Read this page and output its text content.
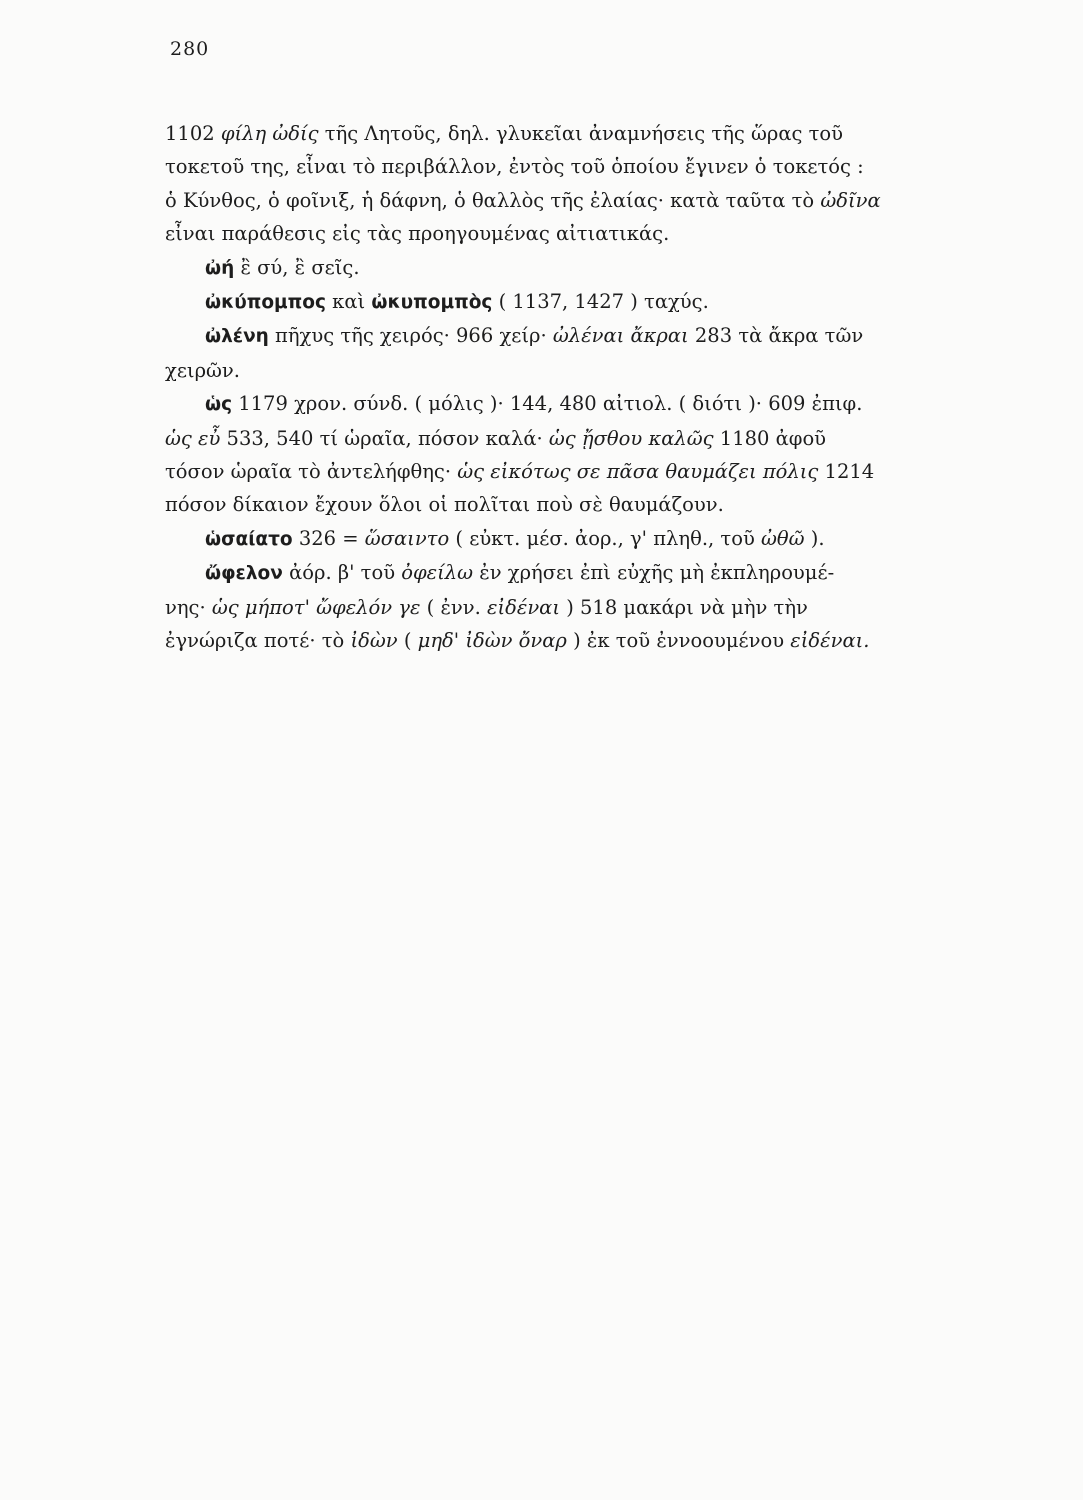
280
1102 φίλη ὠδίς τῆς Λητοῦς, δηλ. γλυκεῖαι ἀναμνήσεις τῆς ὥρας τοῦ
τοκετοῦ της, εἶναι τὸ περιβάλλον, ἐντὸς τοῦ ὁποίου ἔγινεν ὁ τοκετός :
ὁ Κύνθος, ὁ φοῖνιξ, ἡ δάφνη, ὁ θαλλὸς τῆς ἐλαίας· κατὰ ταῦτα τὸ ὠδῖνα
εἶναι παράθεσις εἰς τὰς προηγουμένας αἰτιατικάς.
ὠή ἒ σύ, ἒ σεῖς.
ὠκύπομπος καὶ ὠκυπομπὸς ( 1137, 1427 ) ταχύς.
ὠλένη πῆχυς τῆς χειρός· 966 χείρ· ὠλέναι ἄκραι 283 τὰ ἄκρα τῶν
χειρῶν.
ὡς 1179 χρον. σύνδ. ( μόλις )· 144, 480 αἰτιολ. ( διότι )· 609 ἐπιφ.
ὡς εὖ 533, 540 τί ὡραῖα, πόσον καλά· ὡς ᾔσθου καλῶς 1180 ἀφοῦ
τόσον ὡραῖα τὸ ἀντελήφθης· ὡς εἰκότως σε πᾶσα θαυμάζει πόλις 1214
πόσον δίκαιον ἔχουν ὅλοι οἱ πολῖται ποὺ σὲ θαυμάζουν.
ὡσαίατο 326 = ὥσαιντο ( εὐκτ. μέσ. ἀορ., γ' πληθ., τοῦ ὠθῶ ).
ὤφελον ἀόρ. β' τοῦ ὀφείλω ἐν χρήσει ἐπὶ εὐχῆς μὴ ἐκπληρουμέ-
νης· ὡς μήποτ' ὤφελόν γε ( ἐνν. εἰδέναι ) 518 μακάρι νὰ μὴν τὴν
ἐγνώριζα ποτέ· τὸ ἰδὼν ( μηδ' ἰδὼν ὄναρ ) ἐκ τοῦ ἐννοουμένου εἰδέναι.
